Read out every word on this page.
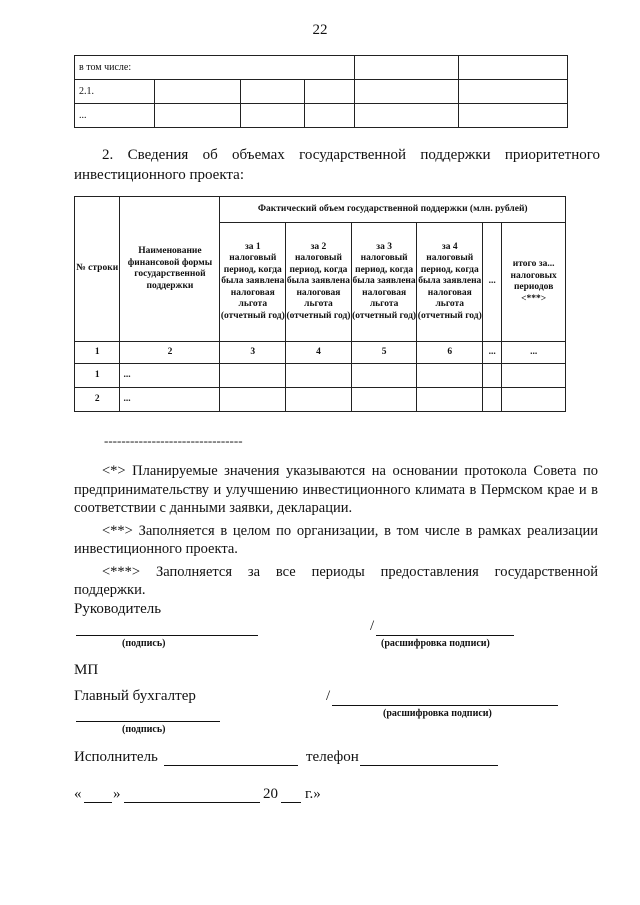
22
в том числе:					
2.1.					
...					
2. Сведения об объемах государственной поддержки приоритетного
инвестиционного проекта:
№ строки	Наименование финансовой формы государственной поддержки	Фактический объем государственной поддержки (млн. рублей)					
		за 1 налоговый период, когда была заявлена налоговая льгота (отчетный год)	за 2 налоговый период, когда была заявлена налоговая льгота (отчетный год)	за 3 налоговый период, когда была заявлена налоговая льгота (отчетный год)	за 4 налоговый период, когда была заявлена налоговая льгота (отчетный год)	...	итого за... налоговых периодов <***>
1	2	3	4	5	6	...	...
1	...						
2	...						
--------------------------------

<*> Планируемые значения указываются на основании протокола Совета по предпринимательству и улучшению инвестиционного климата в Пермском крае и в соответствии с данными заявки, декларации.

<**> Заполняется в целом по организации, в том числе в рамках реализации инвестиционного проекта.

<***> Заполняется за все периоды предоставления государственной поддержки.

Руководитель
(подпись)
/
(расшифровка подписи)
МП
Главный бухгалтер	/
(расшифровка подписи)
(подпись)
Исполнитель	телефон
« »	20 г.»
